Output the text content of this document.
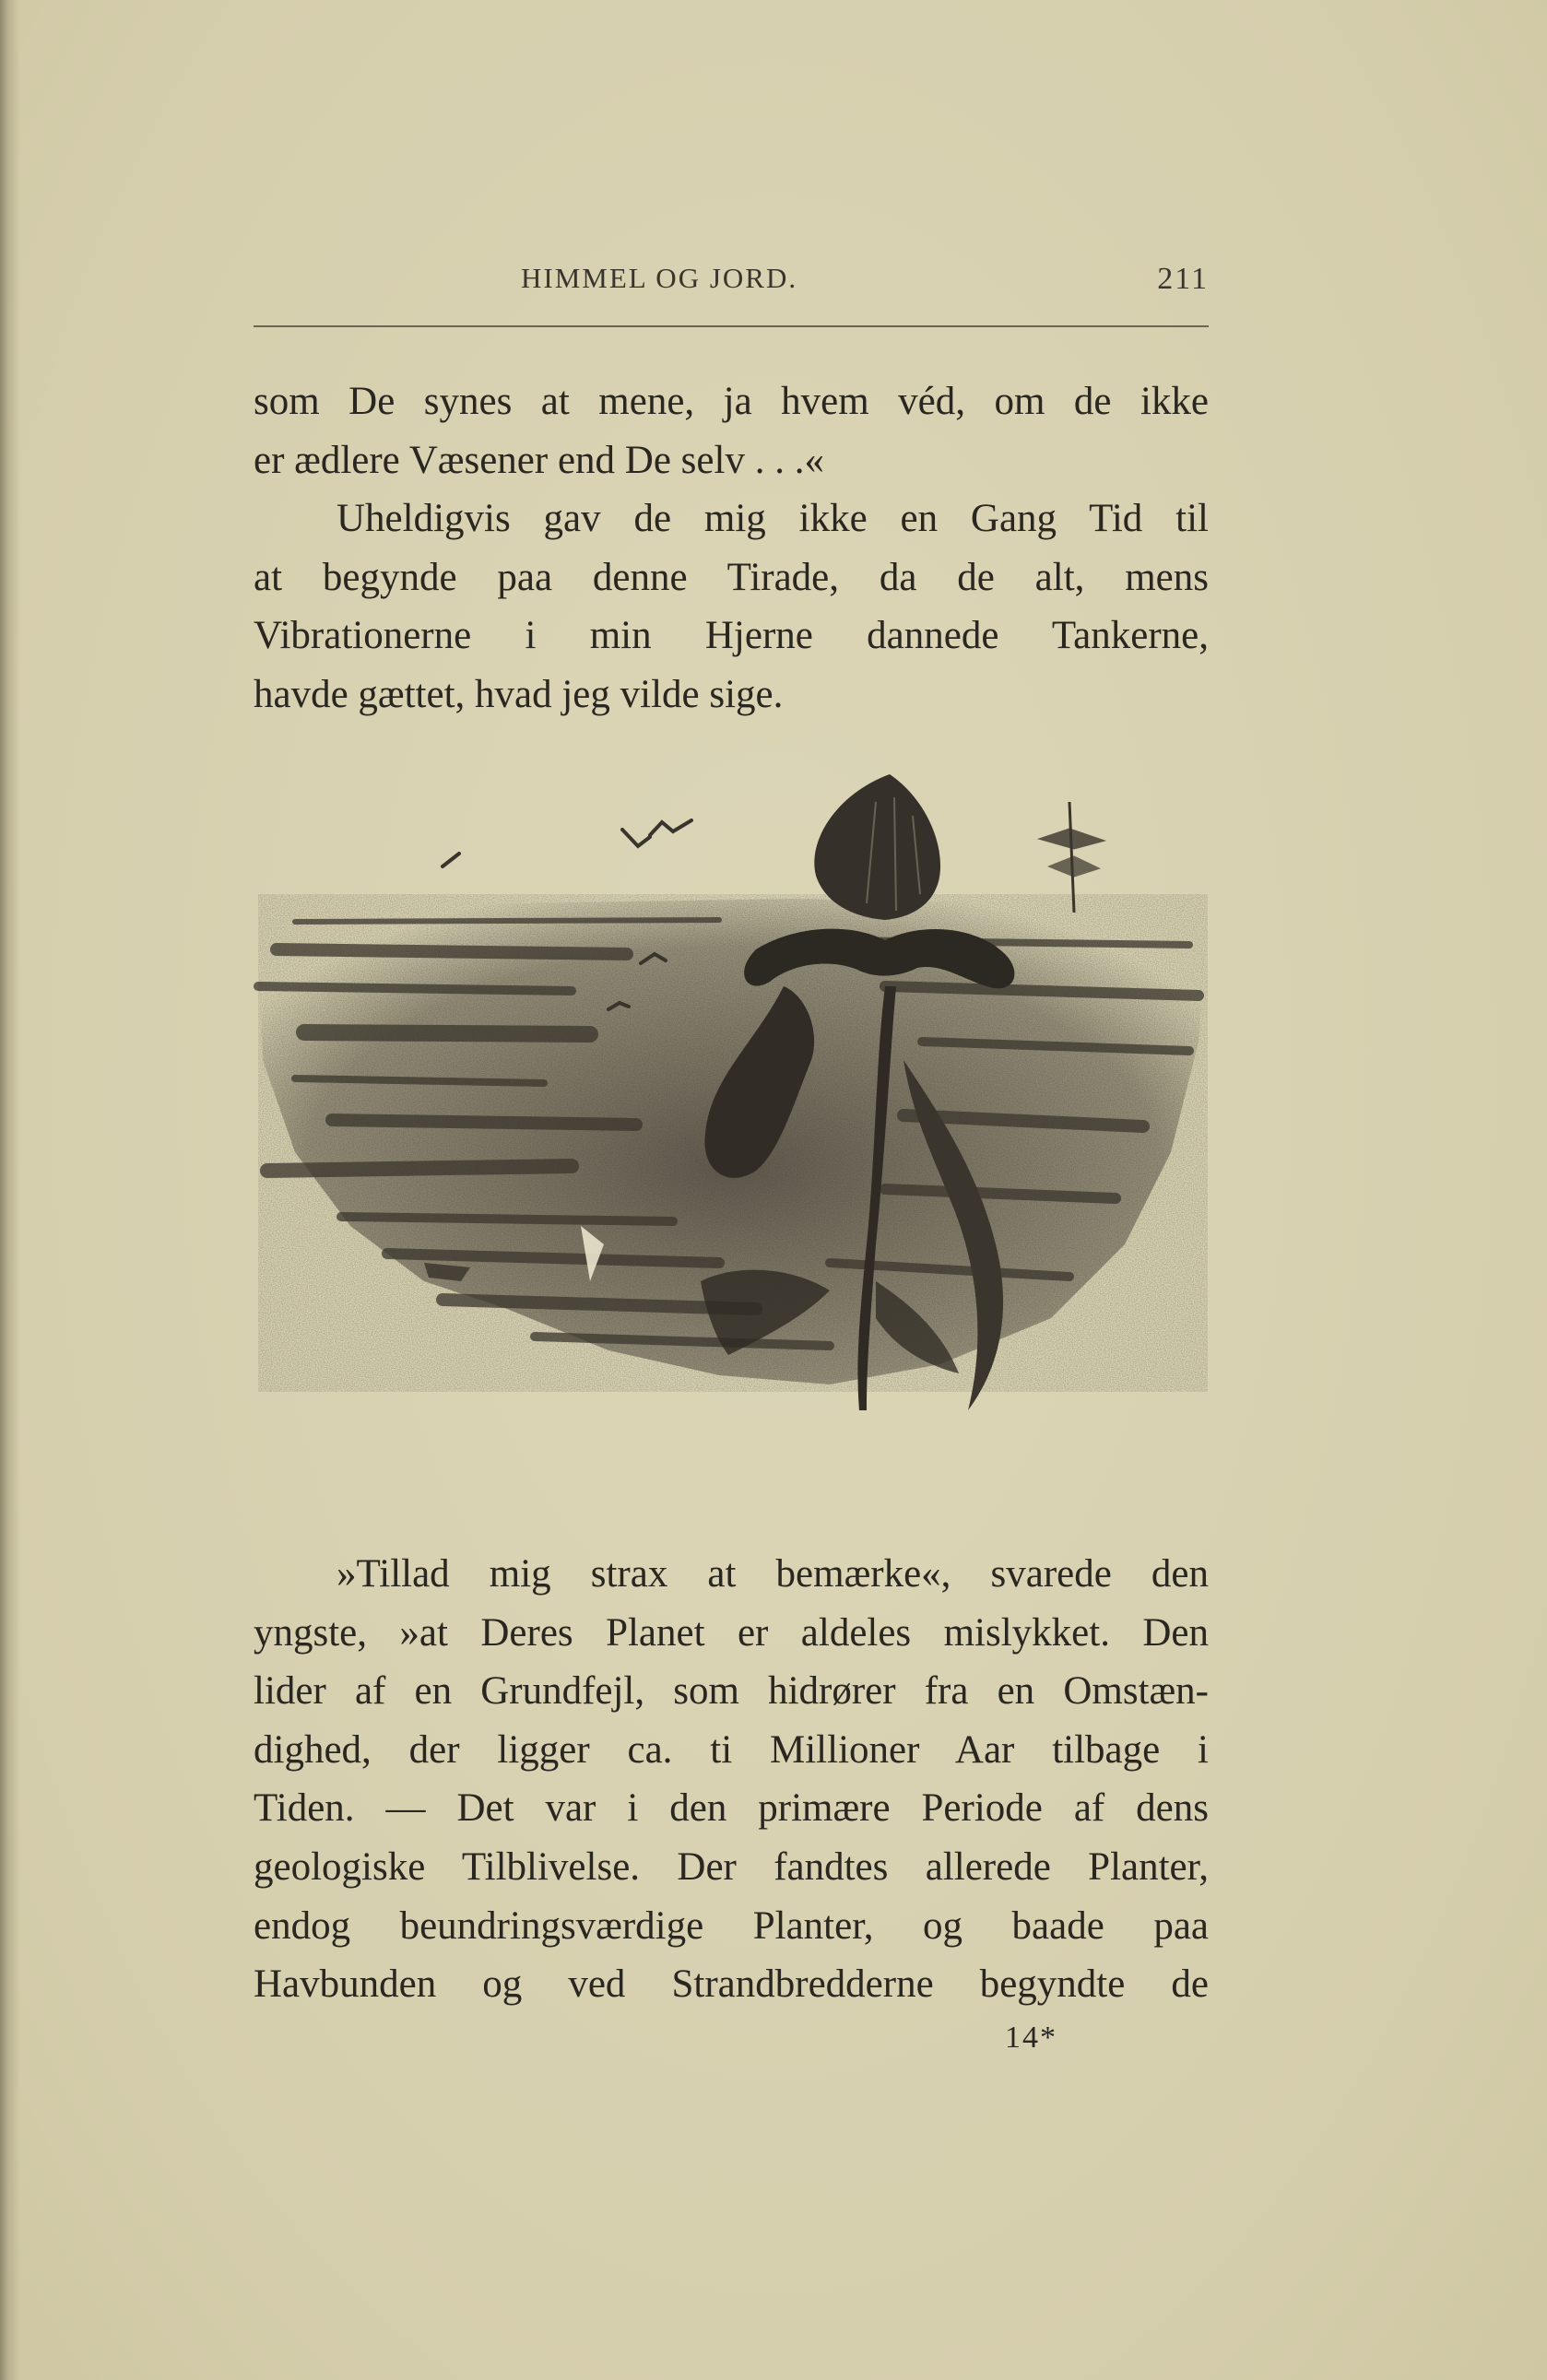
HIMMEL OG JORD.	211
som De synes at mene, ja hvem véd, om de ikke
er ædlere Væsener end De selv . . .«
Uheldigvis gav de mig ikke en Gang Tid til
at begynde paa denne Tirade, da de alt, mens
Vibrationerne i min Hjerne dannede Tankerne,
havde gættet, hvad jeg vilde sige.
»Tillad mig strax at bemærke«, svarede den
yngste, »at Deres Planet er aldeles mislykket. Den
lider af en Grundfejl, som hidrører fra en Omstæn-
dighed, der ligger ca. ti Millioner Aar tilbage i
Tiden. — Det var i den primære Periode af dens
geologiske Tilblivelse. Der fandtes allerede Planter,
endog beundringsværdige Planter, og baade paa
Havbunden og ved Strandbredderne begyndte de
14*
